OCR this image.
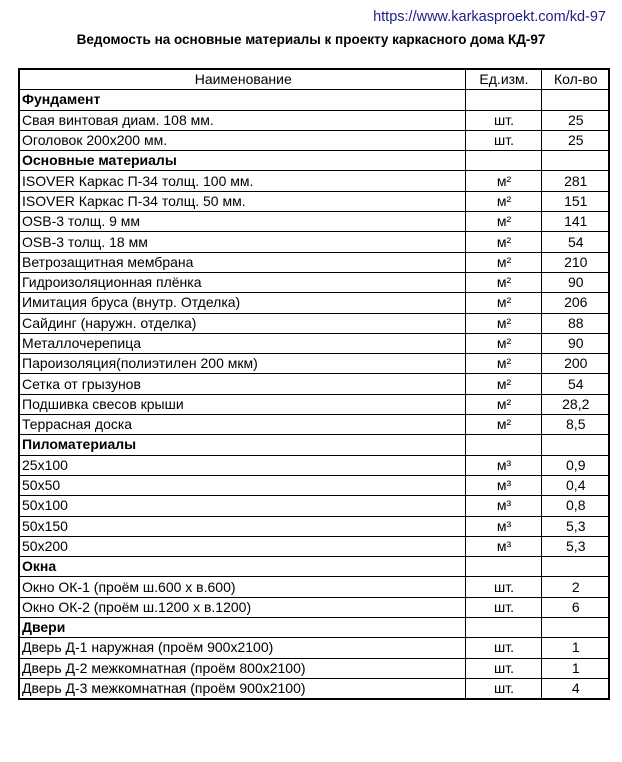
https://www.karkasproekt.com/kd-97
Ведомость на основные материалы к проекту каркасного дома КД-97
Наименование	Ед.изм.	Кол-во
Фундамент		
Свая винтовая диам. 108 мм.	шт.	25
Оголовок 200х200 мм.	шт.	25
Основные материалы		
ISOVER Каркас П-34 толщ. 100 мм.	м²	281
ISOVER Каркас П-34 толщ. 50 мм.	м²	151
OSB-3 толщ. 9 мм	м²	141
OSB-3 толщ. 18 мм	м²	54
Ветрозащитная мембрана	м²	210
Гидроизоляционная плёнка	м²	90
Имитация бруса (внутр. Отделка)	м²	206
Сайдинг (наружн. отделка)	м²	88
Металлочерепица	м²	90
Пароизоляция(полиэтилен 200 мкм)	м²	200
Сетка от грызунов	м²	54
Подшивка свесов крыши	м²	28,2
Террасная доска	м²	8,5
Пиломатериалы		
25х100	м³	0,9
50х50	м³	0,4
50х100	м³	0,8
50х150	м³	5,3
50х200	м³	5,3
Окна		
Окно ОК-1 (проём ш.600 х в.600)	шт.	2
Окно ОК-2 (проём ш.1200 х в.1200)	шт.	6
Двери		
Дверь Д-1 наружная (проём 900х2100)	шт.	1
Дверь Д-2 межкомнатная (проём 800х2100)	шт.	1
Дверь Д-3 межкомнатная (проём 900х2100)	шт.	4
